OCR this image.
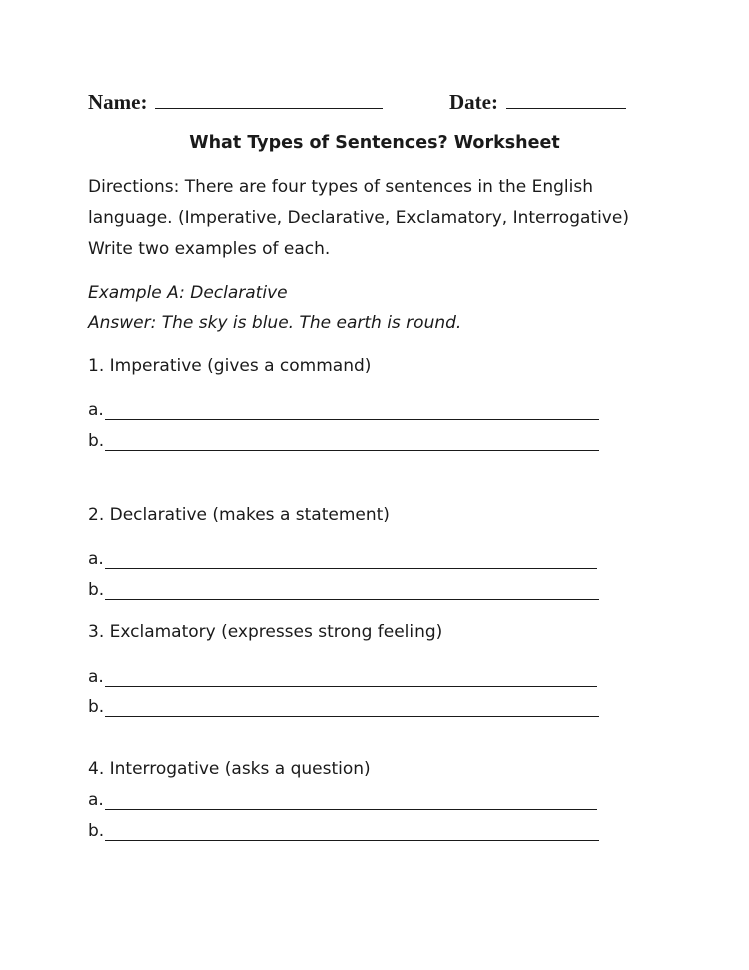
Name:	Date:
What Types of Sentences? Worksheet
Directions: There are four types of sentences in the English
language. (Imperative, Declarative, Exclamatory, Interrogative)
Write two examples of each.
Example A: Declarative
Answer: The sky is blue. The earth is round.
1. Imperative (gives a command)
a.
b.
2. Declarative (makes a statement)
a.
b.
3. Exclamatory (expresses strong feeling)
a.
b.
4. Interrogative (asks a question)
a.
b.
